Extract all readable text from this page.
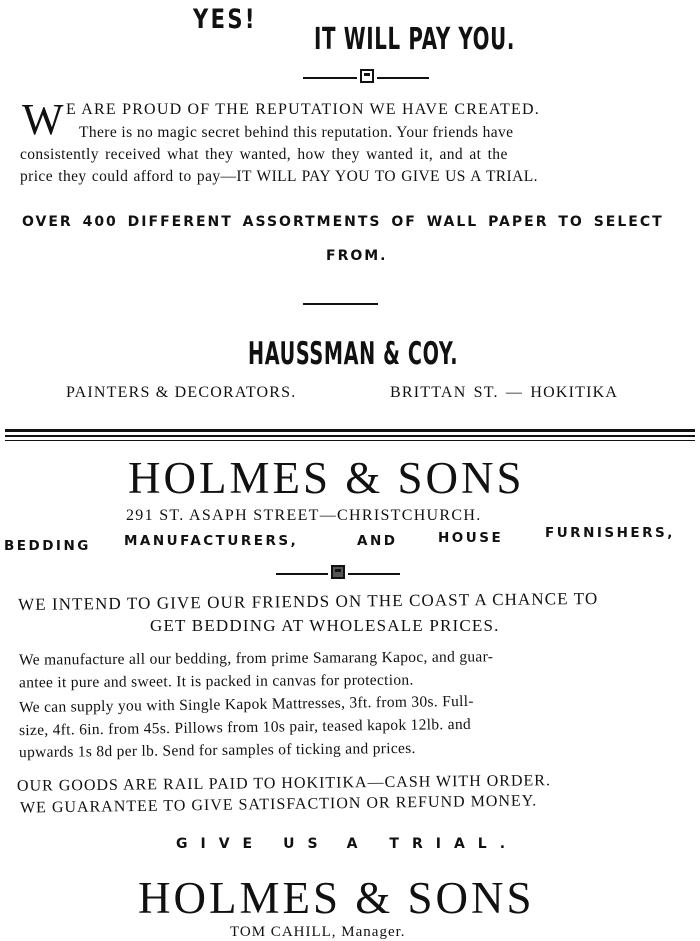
YES!
IT WILL PAY YOU.
W E ARE PROUD OF THE REPUTATION WE HAVE CREATED.
There is no magic secret behind this reputation. Your friends have
consistently received what they wanted, how they wanted it, and at the
price they could afford to pay—IT WILL PAY YOU TO GIVE US A TRIAL.
OVER 400 DIFFERENT ASSORTMENTS OF WALL PAPER TO SELECT
FROM.
HAUSSMAN & COY.
PAINTERS & DECORATORS.	BRITTAN ST. — HOKITIKA
HOLMES & SONS
291 ST. ASAPH STREET—CHRISTCHURCH.
BEDDING MANUFACTURERS,	AND	HOUSE	FURNISHERS,
WE INTEND TO GIVE OUR FRIENDS ON THE COAST A CHANCE TO
GET BEDDING AT WHOLESALE PRICES.
We manufacture all our bedding, from prime Samarang Kapoc, and guar-
antee it pure and sweet. It is packed in canvas for protection.
We can supply you with Single Kapok Mattresses, 3ft. from 30s. Full-
size, 4ft. 6in. from 45s. Pillows from 10s pair, teased kapok 12lb. and
upwards 1s 8d per lb. Send for samples of ticking and prices.
OUR GOODS ARE RAIL PAID TO HOKITIKA—CASH WITH ORDER.
WE GUARANTEE TO GIVE SATISFACTION OR REFUND MONEY.
GIVE US A TRIAL.
HOLMES & SONS
TOM CAHILL, Manager.
